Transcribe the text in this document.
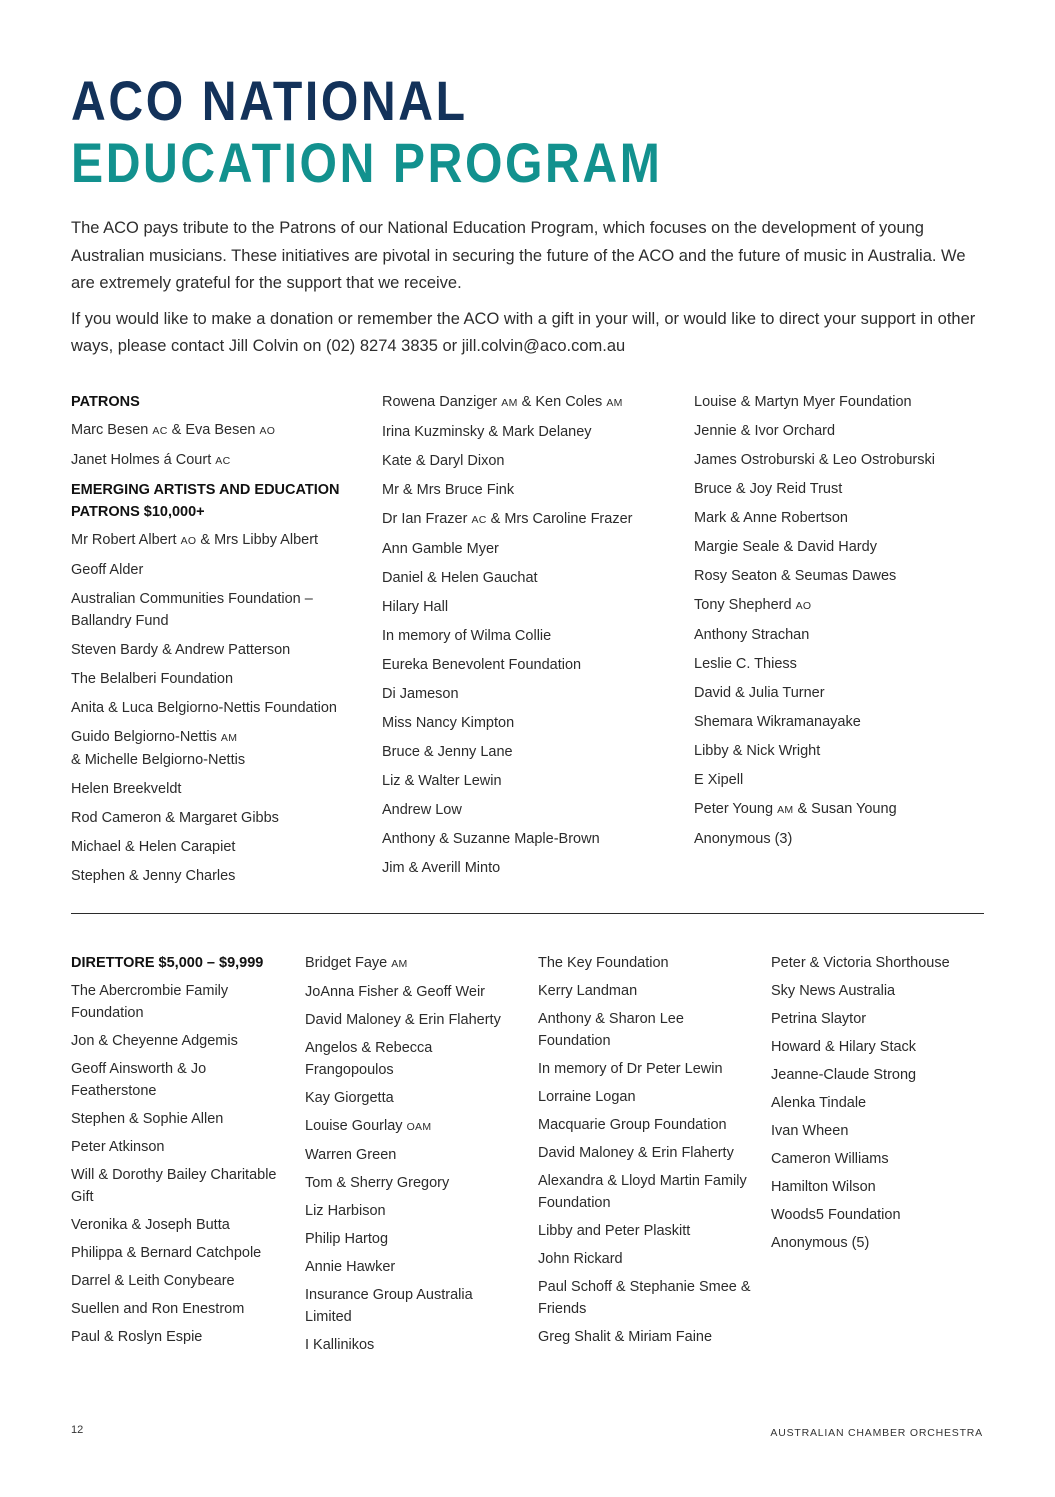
ACO NATIONAL
EDUCATION PROGRAM

The ACO pays tribute to the Patrons of our National Education Program, which focuses on the development of young Australian musicians. These initiatives are pivotal in securing the future of the ACO and the future of music in Australia. We are extremely grateful for the support that we receive.

If you would like to make a donation or remember the ACO with a gift in your will, or would like to direct your support in other ways, please contact Jill Colvin on (02) 8274 3835 or jill.colvin@aco.com.au

PATRONS
Marc Besen AC & Eva Besen AO
Janet Holmes á Court AC
EMERGING ARTISTS AND EDUCATION PATRONS $10,000+
Mr Robert Albert AO & Mrs Libby Albert
Geoff Alder
Australian Communities Foundation – Ballandry Fund
Steven Bardy & Andrew Patterson
The Belalberi Foundation
Anita & Luca Belgiorno-Nettis Foundation
Guido Belgiorno-Nettis AM
& Michelle Belgiorno-Nettis
Helen Breekveldt
Rod Cameron & Margaret Gibbs
Michael & Helen Carapiet
Stephen & Jenny Charles
Rowena Danziger AM & Ken Coles AM
Irina Kuzminsky & Mark Delaney
Kate & Daryl Dixon
Mr & Mrs Bruce Fink
Dr Ian Frazer AC & Mrs Caroline Frazer
Ann Gamble Myer
Daniel & Helen Gauchat
Hilary Hall
In memory of Wilma Collie
Eureka Benevolent Foundation
Di Jameson
Miss Nancy Kimpton
Bruce & Jenny Lane
Liz & Walter Lewin
Andrew Low
Anthony & Suzanne Maple-Brown
Jim & Averill Minto
Louise & Martyn Myer Foundation
Jennie & Ivor Orchard
James Ostroburski & Leo Ostroburski
Bruce & Joy Reid Trust
Mark & Anne Robertson
Margie Seale & David Hardy
Rosy Seaton & Seumas Dawes
Tony Shepherd AO
Anthony Strachan
Leslie C. Thiess
David & Julia Turner
Shemara Wikramanayake
Libby & Nick Wright
E Xipell
Peter Young AM & Susan Young
Anonymous (3)
DIRETTORE $5,000 – $9,999
The Abercrombie Family Foundation
Jon & Cheyenne Adgemis
Geoff Ainsworth & Jo Featherstone
Stephen & Sophie Allen
Peter Atkinson
Will & Dorothy Bailey Charitable Gift
Veronika & Joseph Butta
Philippa & Bernard Catchpole
Darrel & Leith Conybeare
Suellen and Ron Enestrom
Paul & Roslyn Espie
Bridget Faye AM
JoAnna Fisher & Geoff Weir
David Maloney & Erin Flaherty
Angelos & Rebecca Frangopoulos
Kay Giorgetta
Louise Gourlay OAM
Warren Green
Tom & Sherry Gregory
Liz Harbison
Philip Hartog
Annie Hawker
Insurance Group Australia Limited
I Kallinikos
The Key Foundation
Kerry Landman
Anthony & Sharon Lee Foundation
In memory of Dr Peter Lewin
Lorraine Logan
Macquarie Group Foundation
David Maloney & Erin Flaherty
Alexandra & Lloyd Martin Family Foundation
Libby and Peter Plaskitt
John Rickard
Paul Schoff & Stephanie Smee & Friends
Greg Shalit & Miriam Faine
Peter & Victoria Shorthouse
Sky News Australia
Petrina Slaytor
Howard & Hilary Stack
Jeanne-Claude Strong
Alenka Tindale
Ivan Wheen
Cameron Williams
Hamilton Wilson
Woods5 Foundation
Anonymous (5)
12	AUSTRALIAN CHAMBER ORCHESTRA
